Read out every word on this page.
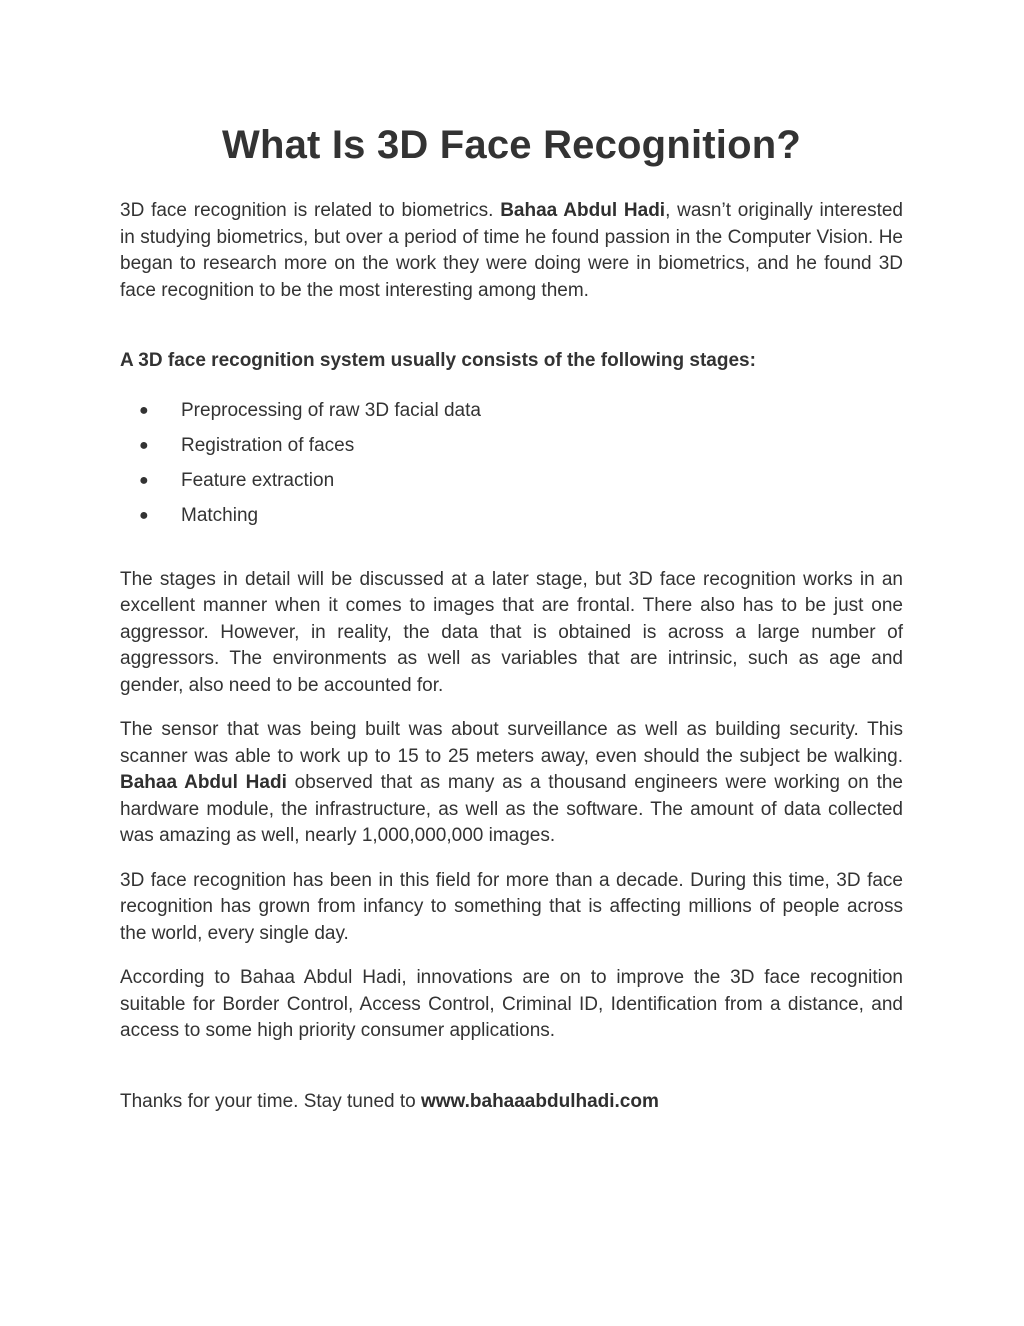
What Is 3D Face Recognition?

3D face recognition is related to biometrics. Bahaa Abdul Hadi, wasn’t originally interested in studying biometrics, but over a period of time he found passion in the Computer Vision. He began to research more on the work they were doing were in biometrics, and he found 3D face recognition to be the most interesting among them.

A 3D face recognition system usually consists of the following stages:

● Preprocessing of raw 3D facial data
● Registration of faces
● Feature extraction
● Matching

The stages in detail will be discussed at a later stage, but 3D face recognition works in an excellent manner when it comes to images that are frontal. There also has to be just one aggressor. However, in reality, the data that is obtained is across a large number of aggressors. The environments as well as variables that are intrinsic, such as age and gender, also need to be accounted for.

The sensor that was being built was about surveillance as well as building security. This scanner was able to work up to 15 to 25 meters away, even should the subject be walking. Bahaa Abdul Hadi observed that as many as a thousand engineers were working on the hardware module, the infrastructure, as well as the software. The amount of data collected was amazing as well, nearly 1,000,000,000 images.

3D face recognition has been in this field for more than a decade. During this time, 3D face recognition has grown from infancy to something that is affecting millions of people across the world, every single day.

According to Bahaa Abdul Hadi, innovations are on to improve the 3D face recognition suitable for Border Control, Access Control, Criminal ID, Identification from a distance, and access to some high priority consumer applications.

Thanks for your time. Stay tuned to www.bahaaabdulhadi.com
